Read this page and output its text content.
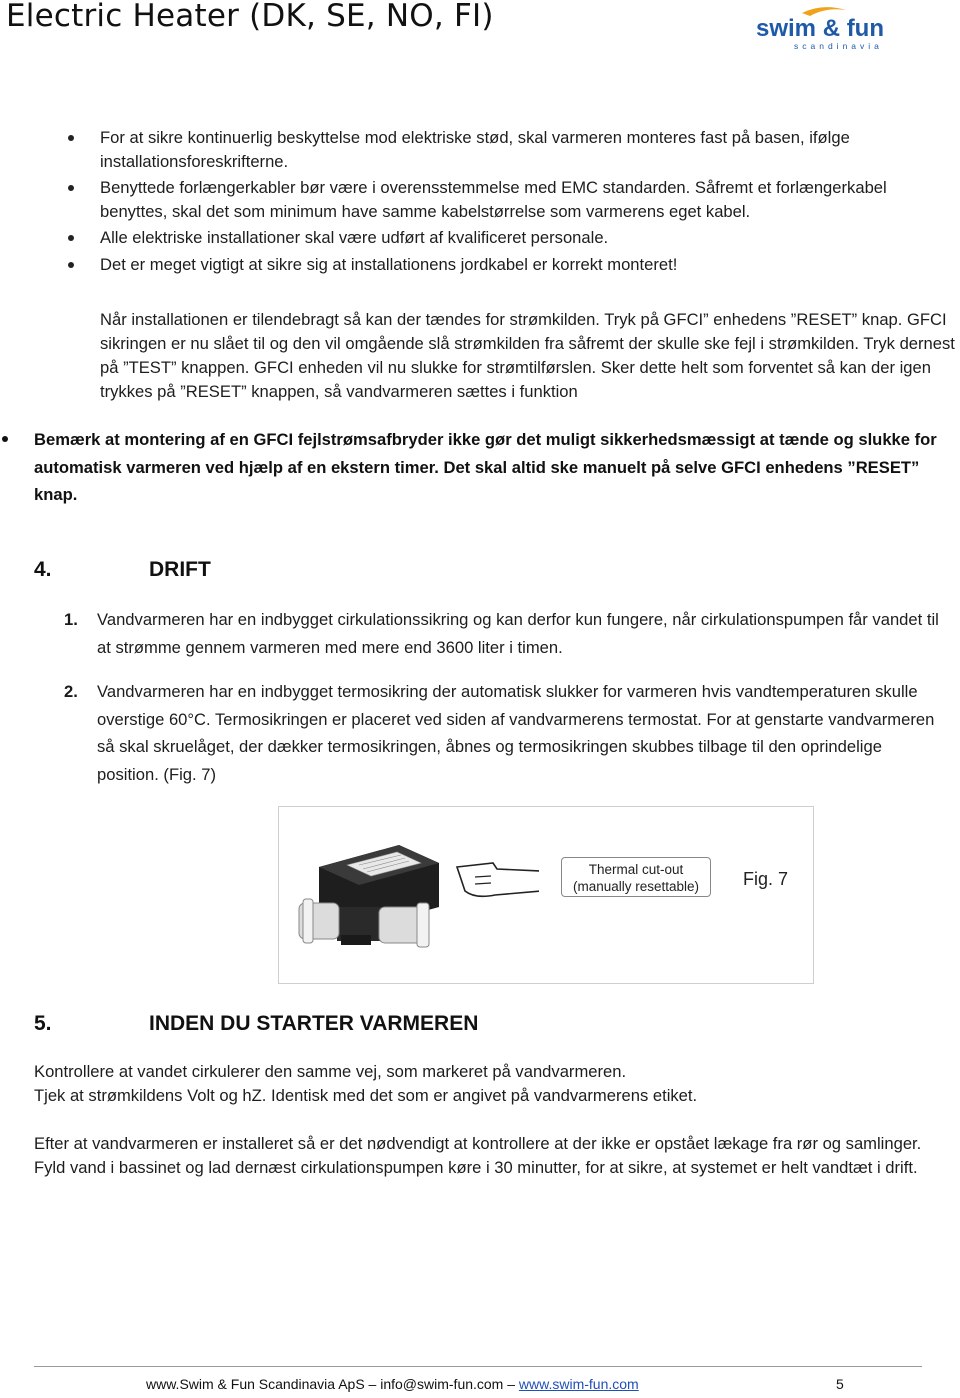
Electric Heater (DK, SE, NO, FI)	swim & fun
scandinavia
For at sikre kontinuerlig beskyttelse mod elektriske stød, skal varmeren monteres fast på basen, ifølge installationsforeskrifterne.
Benyttede forlængerkabler bør være i overensstemmelse med EMC standarden. Såfremt et forlængerkabel benyttes, skal det som minimum have samme kabelstørrelse som varmerens eget kabel.
Alle elektriske installationer skal være udført af kvalificeret personale.
Det er meget vigtigt at sikre sig at installationens jordkabel er korrekt monteret!

Når installationen er tilendebragt så kan der tændes for strømkilden. Tryk på GFCI” enhedens ”RESET” knap. GFCI sikringen er nu slået til og den vil omgående slå strømkilden fra såfremt der skulle ske fejl i strømkilden. Tryk dernest på ”TEST” knappen. GFCI enheden vil nu slukke for strømtilførslen. Sker dette helt som forventet så kan der igen trykkes på ”RESET” knappen, så vandvarmeren sættes i funktion

Bemærk at montering af en GFCI fejlstrømsafbryder ikke gør det muligt sikkerhedsmæssigt at tænde og slukke for automatisk varmeren ved hjælp af en ekstern timer. Det skal altid ske manuelt på selve GFCI enhedens ”RESET” knap.

4.	DRIFT
1. Vandvarmeren har en indbygget cirkulationssikring og kan derfor kun fungere, når cirkulationspumpen får vandet til at strømme gennem varmeren med mere end 3600 liter i timen.

2. Vandvarmeren har en indbygget termosikring der automatisk slukker for varmeren hvis vandtemperaturen skulle overstige 60°C. Termosikringen er placeret ved siden af vandvarmerens termostat. For at genstarte vandvarmeren så skal skruelåget, der dækker termosikringen, åbnes og termosikringen skubbes tilbage til den oprindelige position. (Fig. 7)

Thermal cut-out
(manually resettable)	Fig. 7
5.	INDEN DU STARTER VARMEREN
Kontrollere at vandet cirkulerer den samme vej, som markeret på vandvarmeren.
Tjek at strømkildens Volt og hZ. Identisk med det som er angivet på vandvarmerens etiket.

Efter at vandvarmeren er installeret så er det nødvendigt at kontrollere at der ikke er opstået lækage fra rør og samlinger. Fyld vand i bassinet og lad dernæst cirkulationspumpen køre i 30 minutter, for at sikre, at systemet er helt vandtæt i drift.

www.Swim & Fun Scandinavia ApS – info@swim-fun.com – www.swim-fun.com	5
